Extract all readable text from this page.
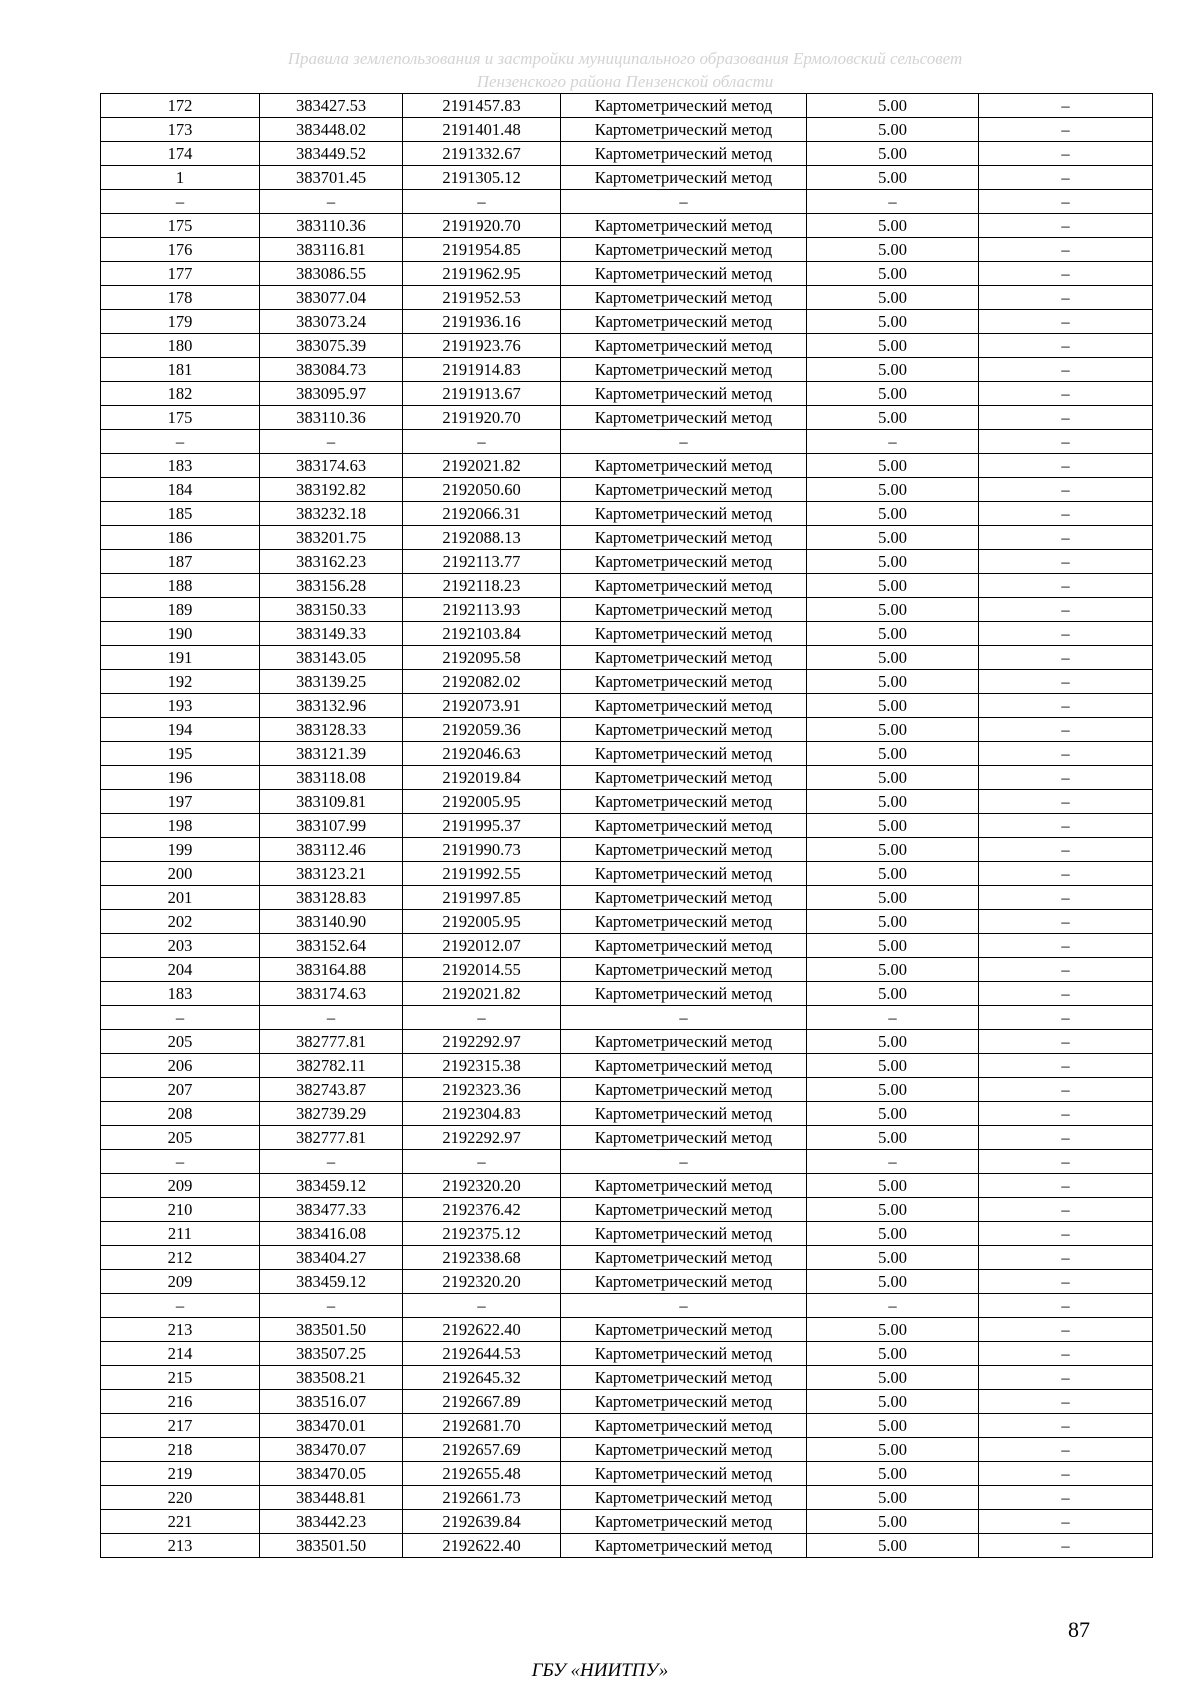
Правила землепользования и застройки муниципального образования Ермоловский сельсовет
Пензенского района Пензенской области
172	383427.53	2191457.83	Картометрический метод	5.00	–
173	383448.02	2191401.48	Картометрический метод	5.00	–
174	383449.52	2191332.67	Картометрический метод	5.00	–
1	383701.45	2191305.12	Картометрический метод	5.00	–
–	–	–	–	–	–
175	383110.36	2191920.70	Картометрический метод	5.00	–
176	383116.81	2191954.85	Картометрический метод	5.00	–
177	383086.55	2191962.95	Картометрический метод	5.00	–
178	383077.04	2191952.53	Картометрический метод	5.00	–
179	383073.24	2191936.16	Картометрический метод	5.00	–
180	383075.39	2191923.76	Картометрический метод	5.00	–
181	383084.73	2191914.83	Картометрический метод	5.00	–
182	383095.97	2191913.67	Картометрический метод	5.00	–
175	383110.36	2191920.70	Картометрический метод	5.00	–
–	–	–	–	–	–
183	383174.63	2192021.82	Картометрический метод	5.00	–
184	383192.82	2192050.60	Картометрический метод	5.00	–
185	383232.18	2192066.31	Картометрический метод	5.00	–
186	383201.75	2192088.13	Картометрический метод	5.00	–
187	383162.23	2192113.77	Картометрический метод	5.00	–
188	383156.28	2192118.23	Картометрический метод	5.00	–
189	383150.33	2192113.93	Картометрический метод	5.00	–
190	383149.33	2192103.84	Картометрический метод	5.00	–
191	383143.05	2192095.58	Картометрический метод	5.00	–
192	383139.25	2192082.02	Картометрический метод	5.00	–
193	383132.96	2192073.91	Картометрический метод	5.00	–
194	383128.33	2192059.36	Картометрический метод	5.00	–
195	383121.39	2192046.63	Картометрический метод	5.00	–
196	383118.08	2192019.84	Картометрический метод	5.00	–
197	383109.81	2192005.95	Картометрический метод	5.00	–
198	383107.99	2191995.37	Картометрический метод	5.00	–
199	383112.46	2191990.73	Картометрический метод	5.00	–
200	383123.21	2191992.55	Картометрический метод	5.00	–
201	383128.83	2191997.85	Картометрический метод	5.00	–
202	383140.90	2192005.95	Картометрический метод	5.00	–
203	383152.64	2192012.07	Картометрический метод	5.00	–
204	383164.88	2192014.55	Картометрический метод	5.00	–
183	383174.63	2192021.82	Картометрический метод	5.00	–
–	–	–	–	–	–
205	382777.81	2192292.97	Картометрический метод	5.00	–
206	382782.11	2192315.38	Картометрический метод	5.00	–
207	382743.87	2192323.36	Картометрический метод	5.00	–
208	382739.29	2192304.83	Картометрический метод	5.00	–
205	382777.81	2192292.97	Картометрический метод	5.00	–
–	–	–	–	–	–
209	383459.12	2192320.20	Картометрический метод	5.00	–
210	383477.33	2192376.42	Картометрический метод	5.00	–
211	383416.08	2192375.12	Картометрический метод	5.00	–
212	383404.27	2192338.68	Картометрический метод	5.00	–
209	383459.12	2192320.20	Картометрический метод	5.00	–
–	–	–	–	–	–
213	383501.50	2192622.40	Картометрический метод	5.00	–
214	383507.25	2192644.53	Картометрический метод	5.00	–
215	383508.21	2192645.32	Картометрический метод	5.00	–
216	383516.07	2192667.89	Картометрический метод	5.00	–
217	383470.01	2192681.70	Картометрический метод	5.00	–
218	383470.07	2192657.69	Картометрический метод	5.00	–
219	383470.05	2192655.48	Картометрический метод	5.00	–
220	383448.81	2192661.73	Картометрический метод	5.00	–
221	383442.23	2192639.84	Картометрический метод	5.00	–
213	383501.50	2192622.40	Картометрический метод	5.00	–
87
ГБУ «НИИТПУ»
